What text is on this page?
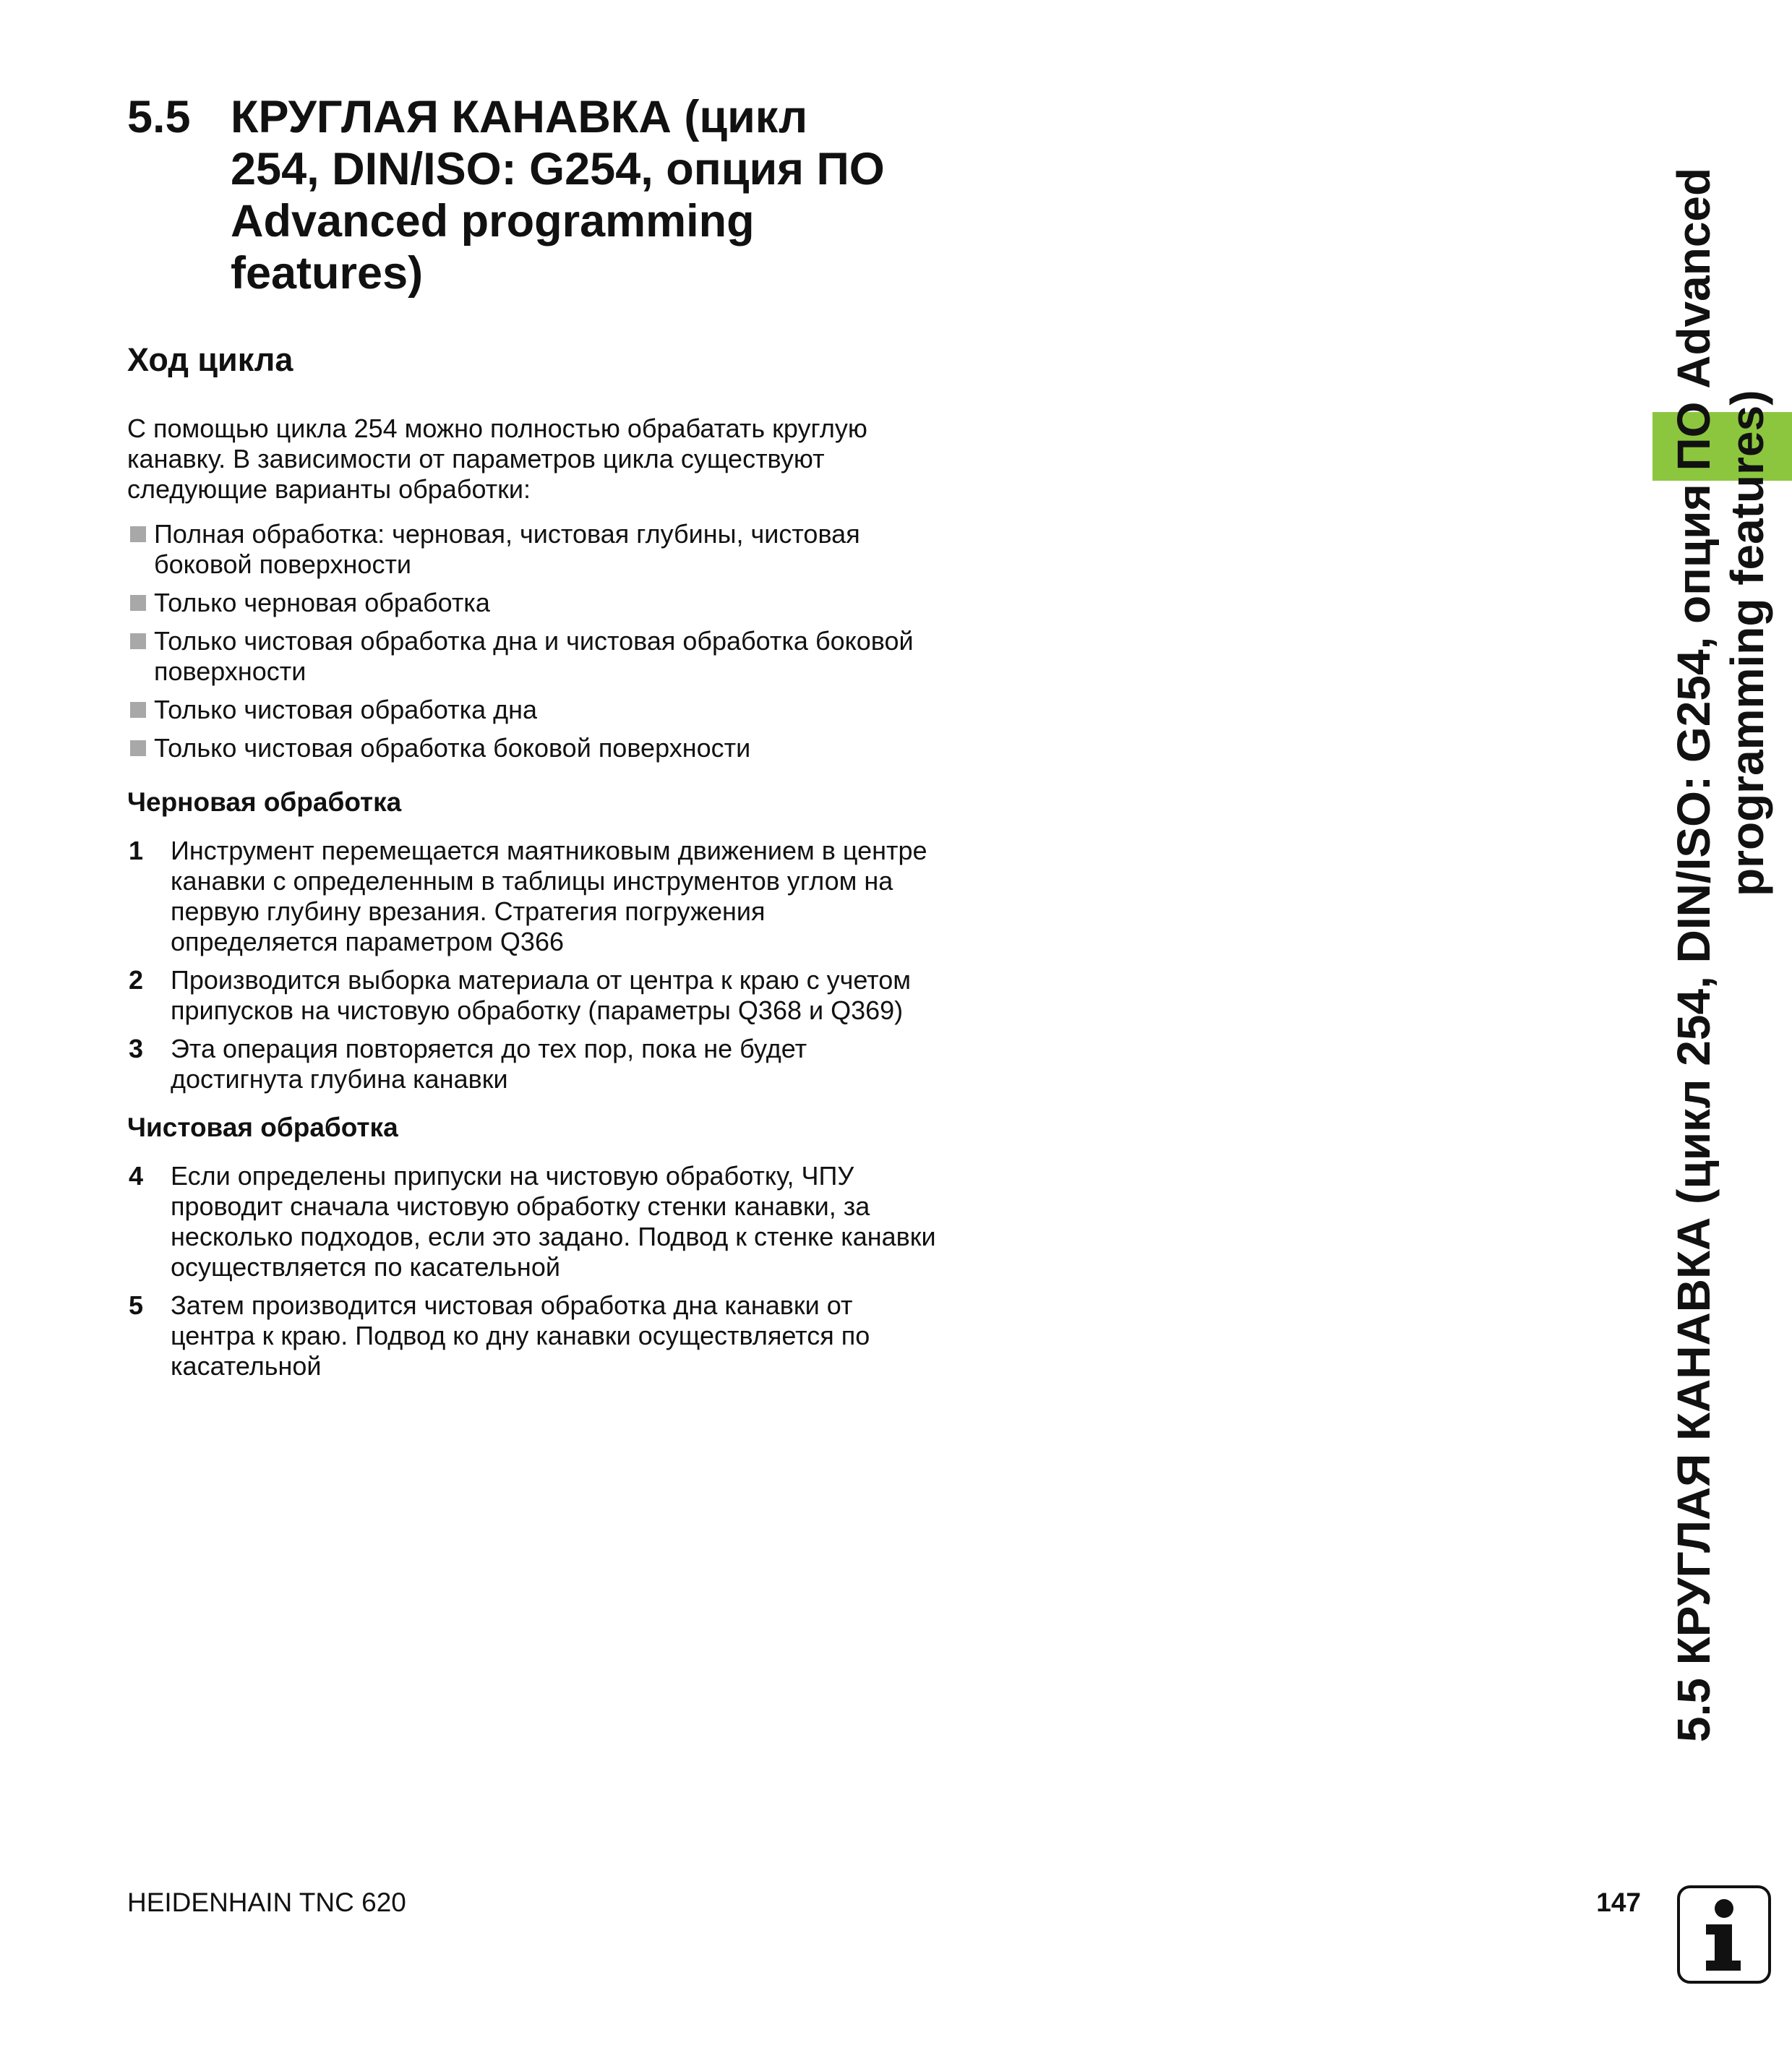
5.5 КРУГЛАЯ КАНАВКА (цикл
254, DIN/ISO: G254, опция ПО
Advanced programming
features)
Ход цикла
С помощью цикла 254 можно полностью обрабатать круглую
канавку. В зависимости от параметров цикла существуют
следующие варианты обработки:
Полная обработка: черновая, чистовая глубины, чистовая
боковой поверхности
Только черновая обработка
Только чистовая обработка дна и чистовая обработка боковой
поверхности
Только чистовая обработка дна
Только чистовая обработка боковой поверхности
Черновая обработка
1 Инструмент перемещается маятниковым движением в центре
канавки с определенным в таблицы инструментов углом на
первую глубину врезания. Стратегия погружения
определяется параметром Q366
2 Производится выборка материала от центра к краю с учетом
припусков на чистовую обработку (параметры Q368 и Q369)
3 Эта операция повторяется до тех пор, пока не будет
достигнута глубина канавки
Чистовая обработка
4 Если определены припуски на чистовую обработку, ЧПУ
проводит сначала чистовую обработку стенки канавки, за
несколько подходов, если это задано. Подвод к стенке канавки
осуществляется по касательной
5 Затем производится чистовая обработка дна канавки от
центра к краю. Подвод ко дну канавки осуществляется по
касательной	5.5 КРУГЛАЯ КАНАВКА (цикл 254, DIN/ISO: G254, опция ПО Advanced programming features)
HEIDENHAIN TNC 620	147
